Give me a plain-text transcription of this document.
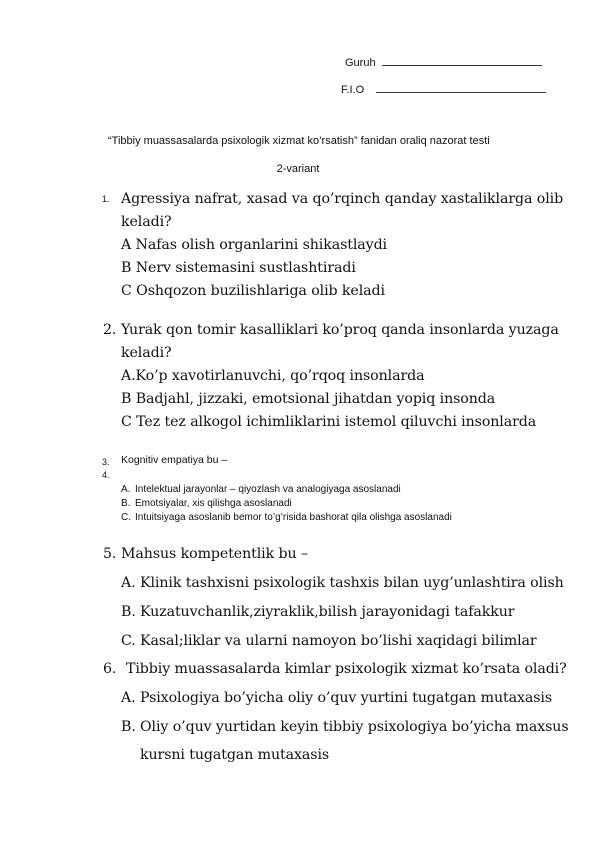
Guruh
F.I.O
“Tibbiy muassasalarda psixologik xizmat ko’rsatish” fanidan oraliq nazorat testi
2-variant
1. Agressiya nafrat, xasad va qo’rqinch qanday xastaliklarga olib
keladi?
A Nafas olish organlarini shikastlaydi
B Nerv sistemasini sustlashtiradi
C Oshqozon buzilishlariga olib keladi
2. Yurak qon tomir kasalliklari ko’proq qanda insonlarda yuzaga
keladi?
A.Ko’p xavotirlanuvchi, qo’rqoq insonlarda
B Badjahl, jizzaki, emotsional jihatdan yopiq insonda
C Tez tez alkogol ichimliklarini istemol qiluvchi insonlarda
3.
4.
Kognitiv empatiya bu –
A. Intelektual jarayonlar – qiyozlash va analogiyaga asoslanadi
B. Emotsiyalar, xis qilishga asoslanadi
C. Intuitsiyaga asoslanib bemor to’g’risida bashorat qila olishga asoslanadi
5. Mahsus kompetentlik bu –
A. Klinik tashxisni psixologik tashxis bilan uyg’unlashtira olish
B. Kuzatuvchanlik,ziyraklik,bilish jarayonidagi tafakkur
C. Kasal;liklar va ularni namoyon bo’lishi xaqidagi bilimlar
6. Tibbiy muassasalarda kimlar psixologik xizmat ko’rsata oladi?
A. Psixologiya bo’yicha oliy o’quv yurtini tugatgan mutaxasis
B. Oliy o’quv yurtidan keyin tibbiy psixologiya bo’yicha maxsus
kursni tugatgan mutaxasis
